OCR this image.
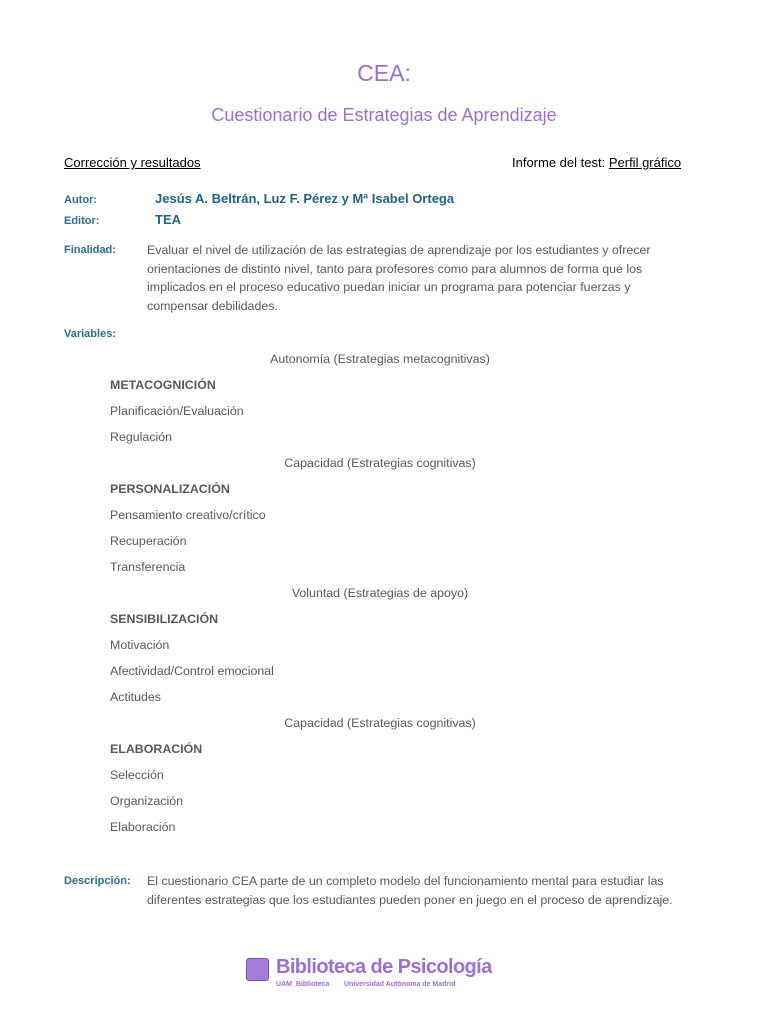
CEA:
Cuestionario de Estrategias de Aprendizaje
Corrección y resultados	Informe del test: Perfil gráfico
Autor:	Jesús A. Beltrán, Luz F. Pérez y Mª Isabel Ortega
Editor:	TEA
Finalidad:	Evaluar el nivel de utilización de las estrategias de aprendizaje por los estudiantes y ofrecer orientaciones de distinto nivel, tanto para profesores como para alumnos de forma que los implicados en el proceso educativo puedan iniciar un programa para potenciar fuerzas y compensar debilidades.
Variables:
Autonomía (Estrategias metacognitivas)
METACOGNICIÓN
Planificación/Evaluación
Regulación
Capacidad (Estrategias cognitivas)
PERSONALIZACIÓN
Pensamiento creativo/crítico
Recuperación
Transferencia
Voluntad (Estrategias de apoyo)
SENSIBILIZACIÓN
Motivación
Afectividad/Control emocional
Actitudes
Capacidad (Estrategias cognitivas)
ELABORACIÓN
Selección
Organización
Elaboración
Descripción: El cuestionario CEA parte de un completo modelo del funcionamiento mental para estudiar las diferentes estrategias que los estudiantes pueden poner en juego en el proceso de aprendizaje.
Biblioteca de Psicología
UAM_Biblioteca Universidad Autónoma de Madrid
